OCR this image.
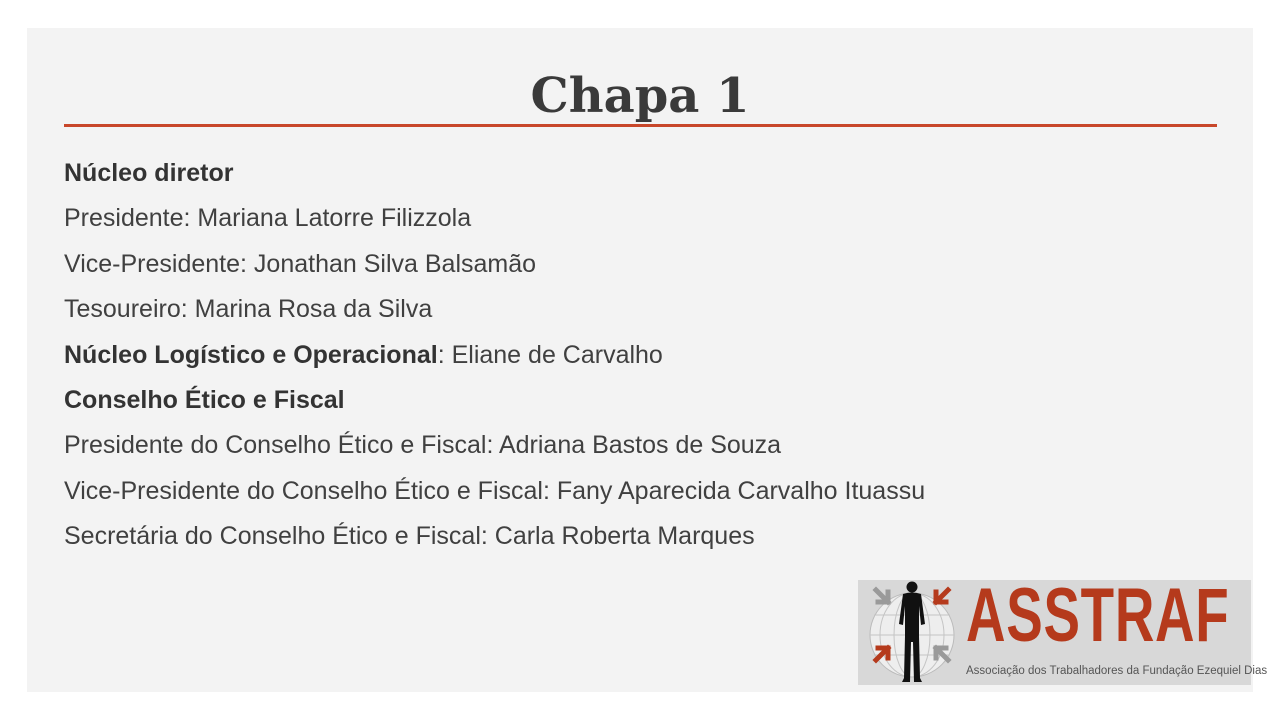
Chapa 1
Núcleo diretor
Presidente: Mariana Latorre Filizzola
Vice-Presidente: Jonathan Silva Balsamão
Tesoureiro: Marina Rosa da Silva
Núcleo Logístico e Operacional: Eliane de Carvalho
Conselho Ético e Fiscal
Presidente do Conselho Ético e Fiscal: Adriana Bastos de Souza
Vice-Presidente do Conselho Ético e Fiscal: Fany Aparecida Carvalho Ituassu
Secretária do Conselho Ético e Fiscal: Carla Roberta Marques
ASSTRAF
Associação dos Trabalhadores da Fundação Ezequiel Dias
